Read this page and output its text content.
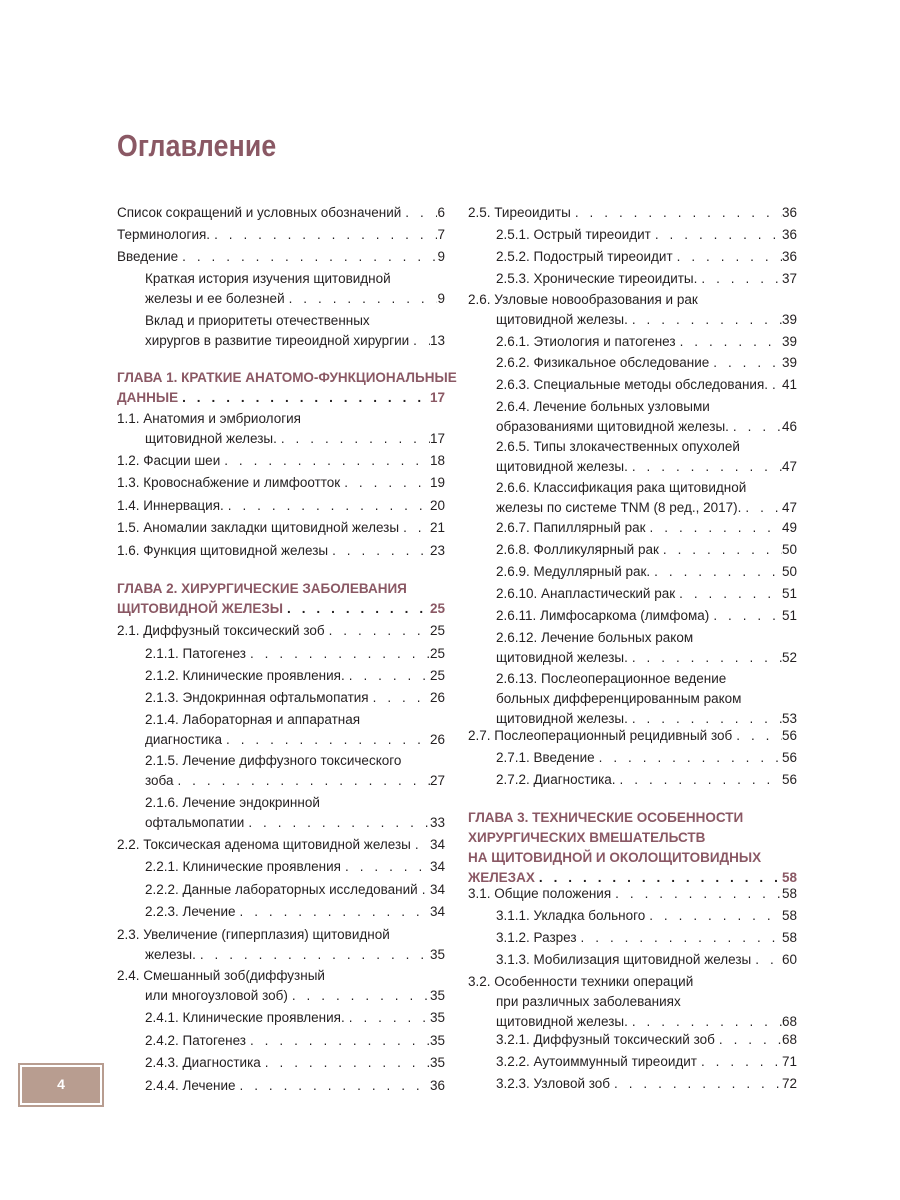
Оглавление
Список сокращений и условных обозначений . . .	6
Терминология. . . .	7
Введение . . .	9
Краткая история изучения щитовидной
железы и ее болезней . . .	9
Вклад и приоритеты отечественных
хирургов в развитие тиреоидной хирургии . . . 13
ГЛАВА 1. КРАТКИЕ АНАТОМО-ФУНКЦИОНАЛЬНЫЕ
ДАННЫЕ . . .	17
1.1. Анатомия и эмбриология
щитовидной железы. . . .	17
1.2. Фасции шеи . . .	18
1.3. Кровоснабжение и лимфоотток . . .	19
1.4. Иннервация. . . .	20
1.5. Аномалии закладки щитовидной железы . . . 21
1.6. Функция щитовидной железы . . .	23
ГЛАВА 2. ХИРУРГИЧЕСКИЕ ЗАБОЛЕВАНИЯ
ЩИТОВИДНОЙ ЖЕЛЕЗЫ . . .	25
2.1. Диффузный токсический зоб . . .	25
2.1.1. Патогенез . . .	25
2.1.2. Клинические проявления. . . .	25
2.1.3. Эндокринная офтальмопатия . . .	26
2.1.4. Лабораторная и аппаратная
диагностика . . .	26
2.1.5. Лечение диффузного токсического
зоба . . .	27
2.1.6. Лечение эндокринной
офтальмопатии . . .	33
2.2. Токсическая аденома щитовидной железы . . . 34
2.2.1. Клинические проявления . . .	34
2.2.2. Данные лабораторных исследований . . . 34
2.2.3. Лечение . . .	34
2.3. Увеличение (гиперплазия) щитовидной
железы. . . .	35
2.4. Смешанный зоб(диффузный
или многоузловой зоб) . . .	35
2.4.1. Клинические проявления. . . .	35
2.4.2. Патогенез . . .	35
2.4.3. Диагностика . . .	35
2.4.4. Лечение . . .	36
2.5. Тиреоидиты . . .	36
2.5.1. Острый тиреоидит . . .	36
2.5.2. Подострый тиреоидит . . .	36
2.5.3. Хронические тиреоидиты. . . .	37
2.6. Узловые новообразования и рак
щитовидной железы. . . .	39
2.6.1. Этиология и патогенез . . .	39
2.6.2. Физикальное обследование . . .	39
2.6.3. Специальные методы обследования. . . . 41
2.6.4. Лечение больных узловыми
образованиями щитовидной железы. . . .	46
2.6.5. Типы злокачественных опухолей
щитовидной железы. . . .	47
2.6.6. Классификация рака щитовидной
железы по системе TNM (8 ред., 2017). . . .	47
2.6.7. Папиллярный рак . . .	49
2.6.8. Фолликулярный рак . . .	50
2.6.9. Медуллярный рак. . . .	50
2.6.10. Анапластический рак . . .	51
2.6.11. Лимфосаркома (лимфома) . . .	51
2.6.12. Лечение больных раком
щитовидной железы. . . .	52
2.6.13. Послеоперационное ведение
больных дифференцированным раком
щитовидной железы. . . .	53
2.7. Послеоперационный рецидивный зоб . . .	56
2.7.1. Введение . . .	56
2.7.2. Диагностика. . . .	56
ГЛАВА 3. ТЕХНИЧЕСКИЕ ОСОБЕННОСТИ
ХИРУРГИЧЕСКИХ ВМЕШАТЕЛЬСТВ
НА ЩИТОВИДНОЙ И ОКОЛОЩИТОВИДНЫХ
ЖЕЛЕЗАХ . . .	58
3.1. Общие положения . . .	58
3.1.1. Укладка больного . . .	58
3.1.2. Разрез . . .	58
3.1.3. Мобилизация щитовидной железы . . . 60
3.2. Особенности техники операций
при различных заболеваниях
щитовидной железы. . . .	68
3.2.1. Диффузный токсический зоб . . .	68
3.2.2. Аутоиммунный тиреоидит . . .	71
3.2.3. Узловой зоб . . .	72
4
